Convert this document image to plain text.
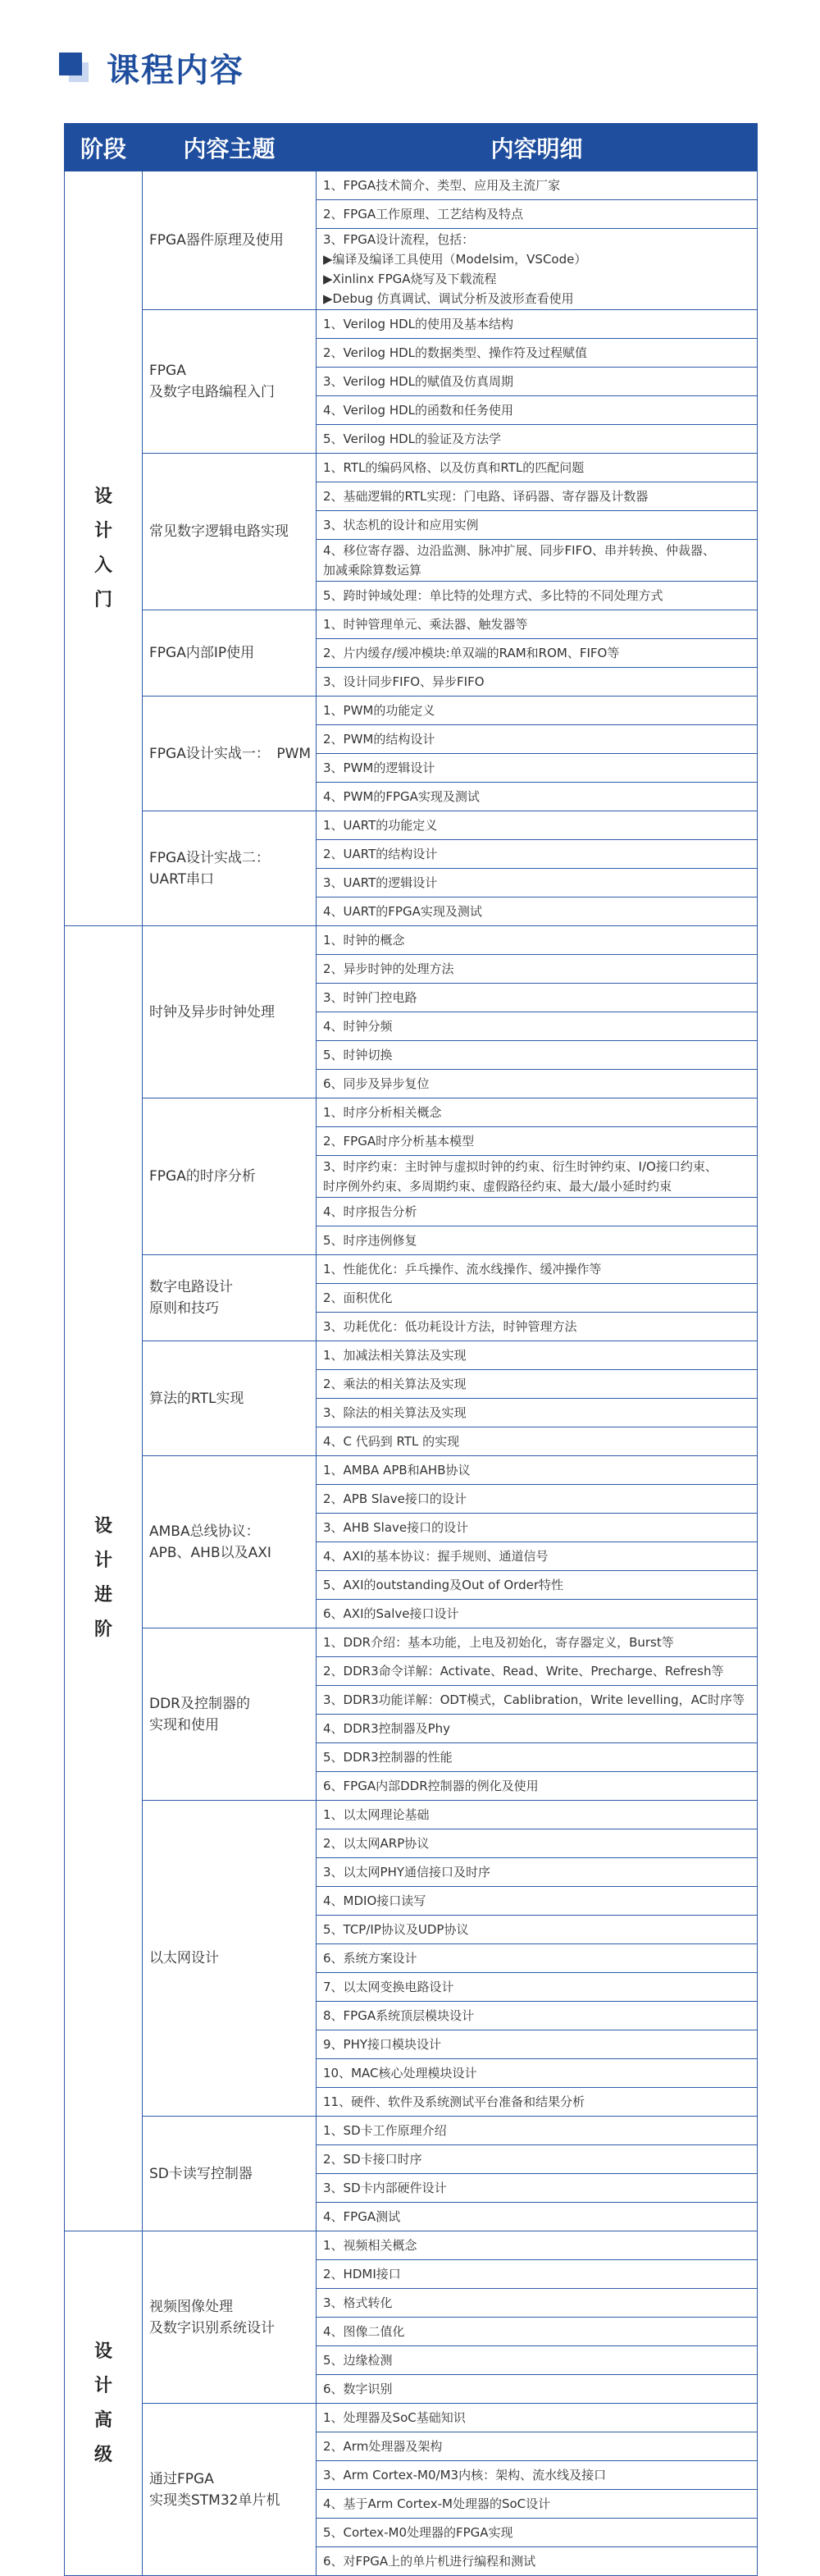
课程内容
阶段	内容主题	内容明细

设
计
入
门	FPGA器件原理及使用	1、FPGA技术简介、类型、应用及主流厂家

		2、FPGA工作原理、工艺结构及特点

		3、FPGA设计流程，包括：
▶编译及编译工具使用（Modelsim，VSCode）
▶Xinlinx FPGA烧写及下载流程
▶Debug 仿真调试、调试分析及波形查看使用

	FPGA
及数字电路编程入门	1、Verilog HDL的使用及基本结构

		2、Verilog HDL的数据类型、操作符及过程赋值

		3、Verilog HDL的赋值及仿真周期

		4、Verilog HDL的函数和任务使用

		5、Verilog HDL的验证及方法学

	常见数字逻辑电路实现	1、RTL的编码风格、以及仿真和RTL的匹配问题

		2、基础逻辑的RTL实现：门电路、译码器、寄存器及计数器

		3、状态机的设计和应用实例

		4、移位寄存器、边沿监测、脉冲扩展、同步FIFO、串并转换、仲裁器、
加减乘除算数运算

		5、跨时钟域处理：单比特的处理方式、多比特的不同处理方式

	FPGA内部IP使用	1、时钟管理单元、乘法器、触发器等

		2、片内缓存/缓冲模块:单双端的RAM和ROM、FIFO等

		3、设计同步FIFO、异步FIFO

	FPGA设计实战一：　PWM	1、PWM的功能定义

		2、PWM的结构设计

		3、PWM的逻辑设计

		4、PWM的FPGA实现及测试

	FPGA设计实战二：
UART串口	1、UART的功能定义

		2、UART的结构设计

		3、UART的逻辑设计

		4、UART的FPGA实现及测试

设
计
进
阶	时钟及异步时钟处理	1、时钟的概念

		2、异步时钟的处理方法

		3、时钟门控电路

		4、时钟分频

		5、时钟切换

		6、同步及异步复位

	FPGA的时序分析	1、时序分析相关概念

		2、FPGA时序分析基本模型

		3、时序约束：主时钟与虚拟时钟的约束、衍生时钟约束、I/O接口约束、
时序例外约束、多周期约束、虚假路径约束、最大/最小延时约束

		4、时序报告分析

		5、时序违例修复

	数字电路设计
原则和技巧	1、性能优化：乒乓操作、流水线操作、缓冲操作等

		2、面积优化

		3、功耗优化：低功耗设计方法，时钟管理方法

	算法的RTL实现	1、加减法相关算法及实现

		2、乘法的相关算法及实现

		3、除法的相关算法及实现

		4、C 代码到 RTL 的实现

	AMBA总线协议：
APB、AHB以及AXI	1、AMBA APB和AHB协议

		2、APB Slave接口的设计

		3、AHB Slave接口的设计

		4、AXI的基本协议：握手规则、通道信号

		5、AXI的outstanding及Out of Order特性

		6、AXI的Salve接口设计

	DDR及控制器的
实现和使用	1、DDR介绍：基本功能，上电及初始化，寄存器定义，Burst等

		2、DDR3命令详解：Activate、Read、Write、Precharge、Refresh等

		3、DDR3功能详解：ODT模式，Cablibration，Write levelling，AC时序等

		4、DDR3控制器及Phy

		5、DDR3控制器的性能

		6、FPGA内部DDR控制器的例化及使用

	以太网设计	1、以太网理论基础

		2、以太网ARP协议

		3、以太网PHY通信接口及时序

		4、MDIO接口读写

		5、TCP/IP协议及UDP协议

		6、系统方案设计

		7、以太网变换电路设计

		8、FPGA系统顶层模块设计

		9、PHY接口模块设计

		10、MAC核心处理模块设计

		11、硬件、软件及系统测试平台准备和结果分析

	SD卡读写控制器	1、SD卡工作原理介绍

		2、SD卡接口时序

		3、SD卡内部硬件设计

		4、FPGA测试

设
计
高
级	视频图像处理
及数字识别系统设计	1、视频相关概念

		2、HDMI接口

		3、格式转化

		4、图像二值化

		5、边缘检测

		6、数字识别

	通过FPGA
实现类STM32单片机	1、处理器及SoC基础知识

		2、Arm处理器及架构

		3、Arm Cortex-M0/M3内核：架构、流水线及接口

		4、基于Arm Cortex-M处理器的SoC设计

		5、Cortex-M0处理器的FPGA实现

		6、对FPGA上的单片机进行编程和测试
